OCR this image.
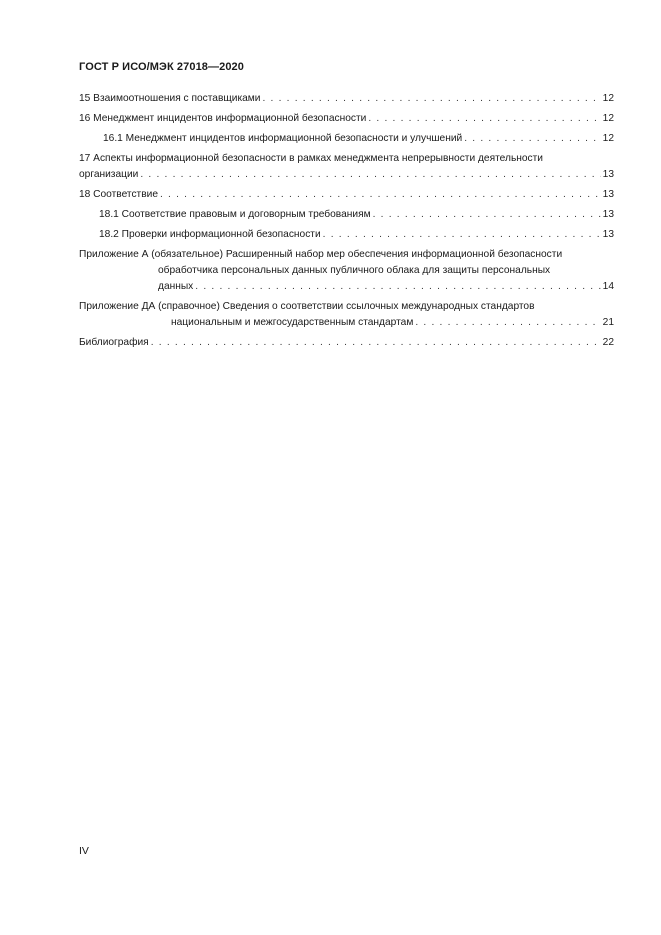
ГОСТ Р ИСО/МЭК 27018—2020
15 Взаимоотношения с поставщиками . . .	12
16 Менеджмент инцидентов информационной безопасности . . .	12
16.1 Менеджмент инцидентов информационной безопасности и улучшений . . .	12
17 Аспекты информационной безопасности в рамках менеджмента непрерывности деятельности
организации . . .	13
18 Соответствие . . .	13
18.1 Соответствие правовым и договорным требованиям . . .	13
18.2 Проверки информационной безопасности . . .	13
Приложение А (обязательное) Расширенный набор мер обеспечения информационной безопасности
обработчика персональных данных публичного облака для защиты персональных
данных . . .	14
Приложение ДА (справочное) Сведения о соответствии ссылочных международных стандартов
национальным и межгосударственным стандартам . . .	21
Библиография . . .	22
IV
